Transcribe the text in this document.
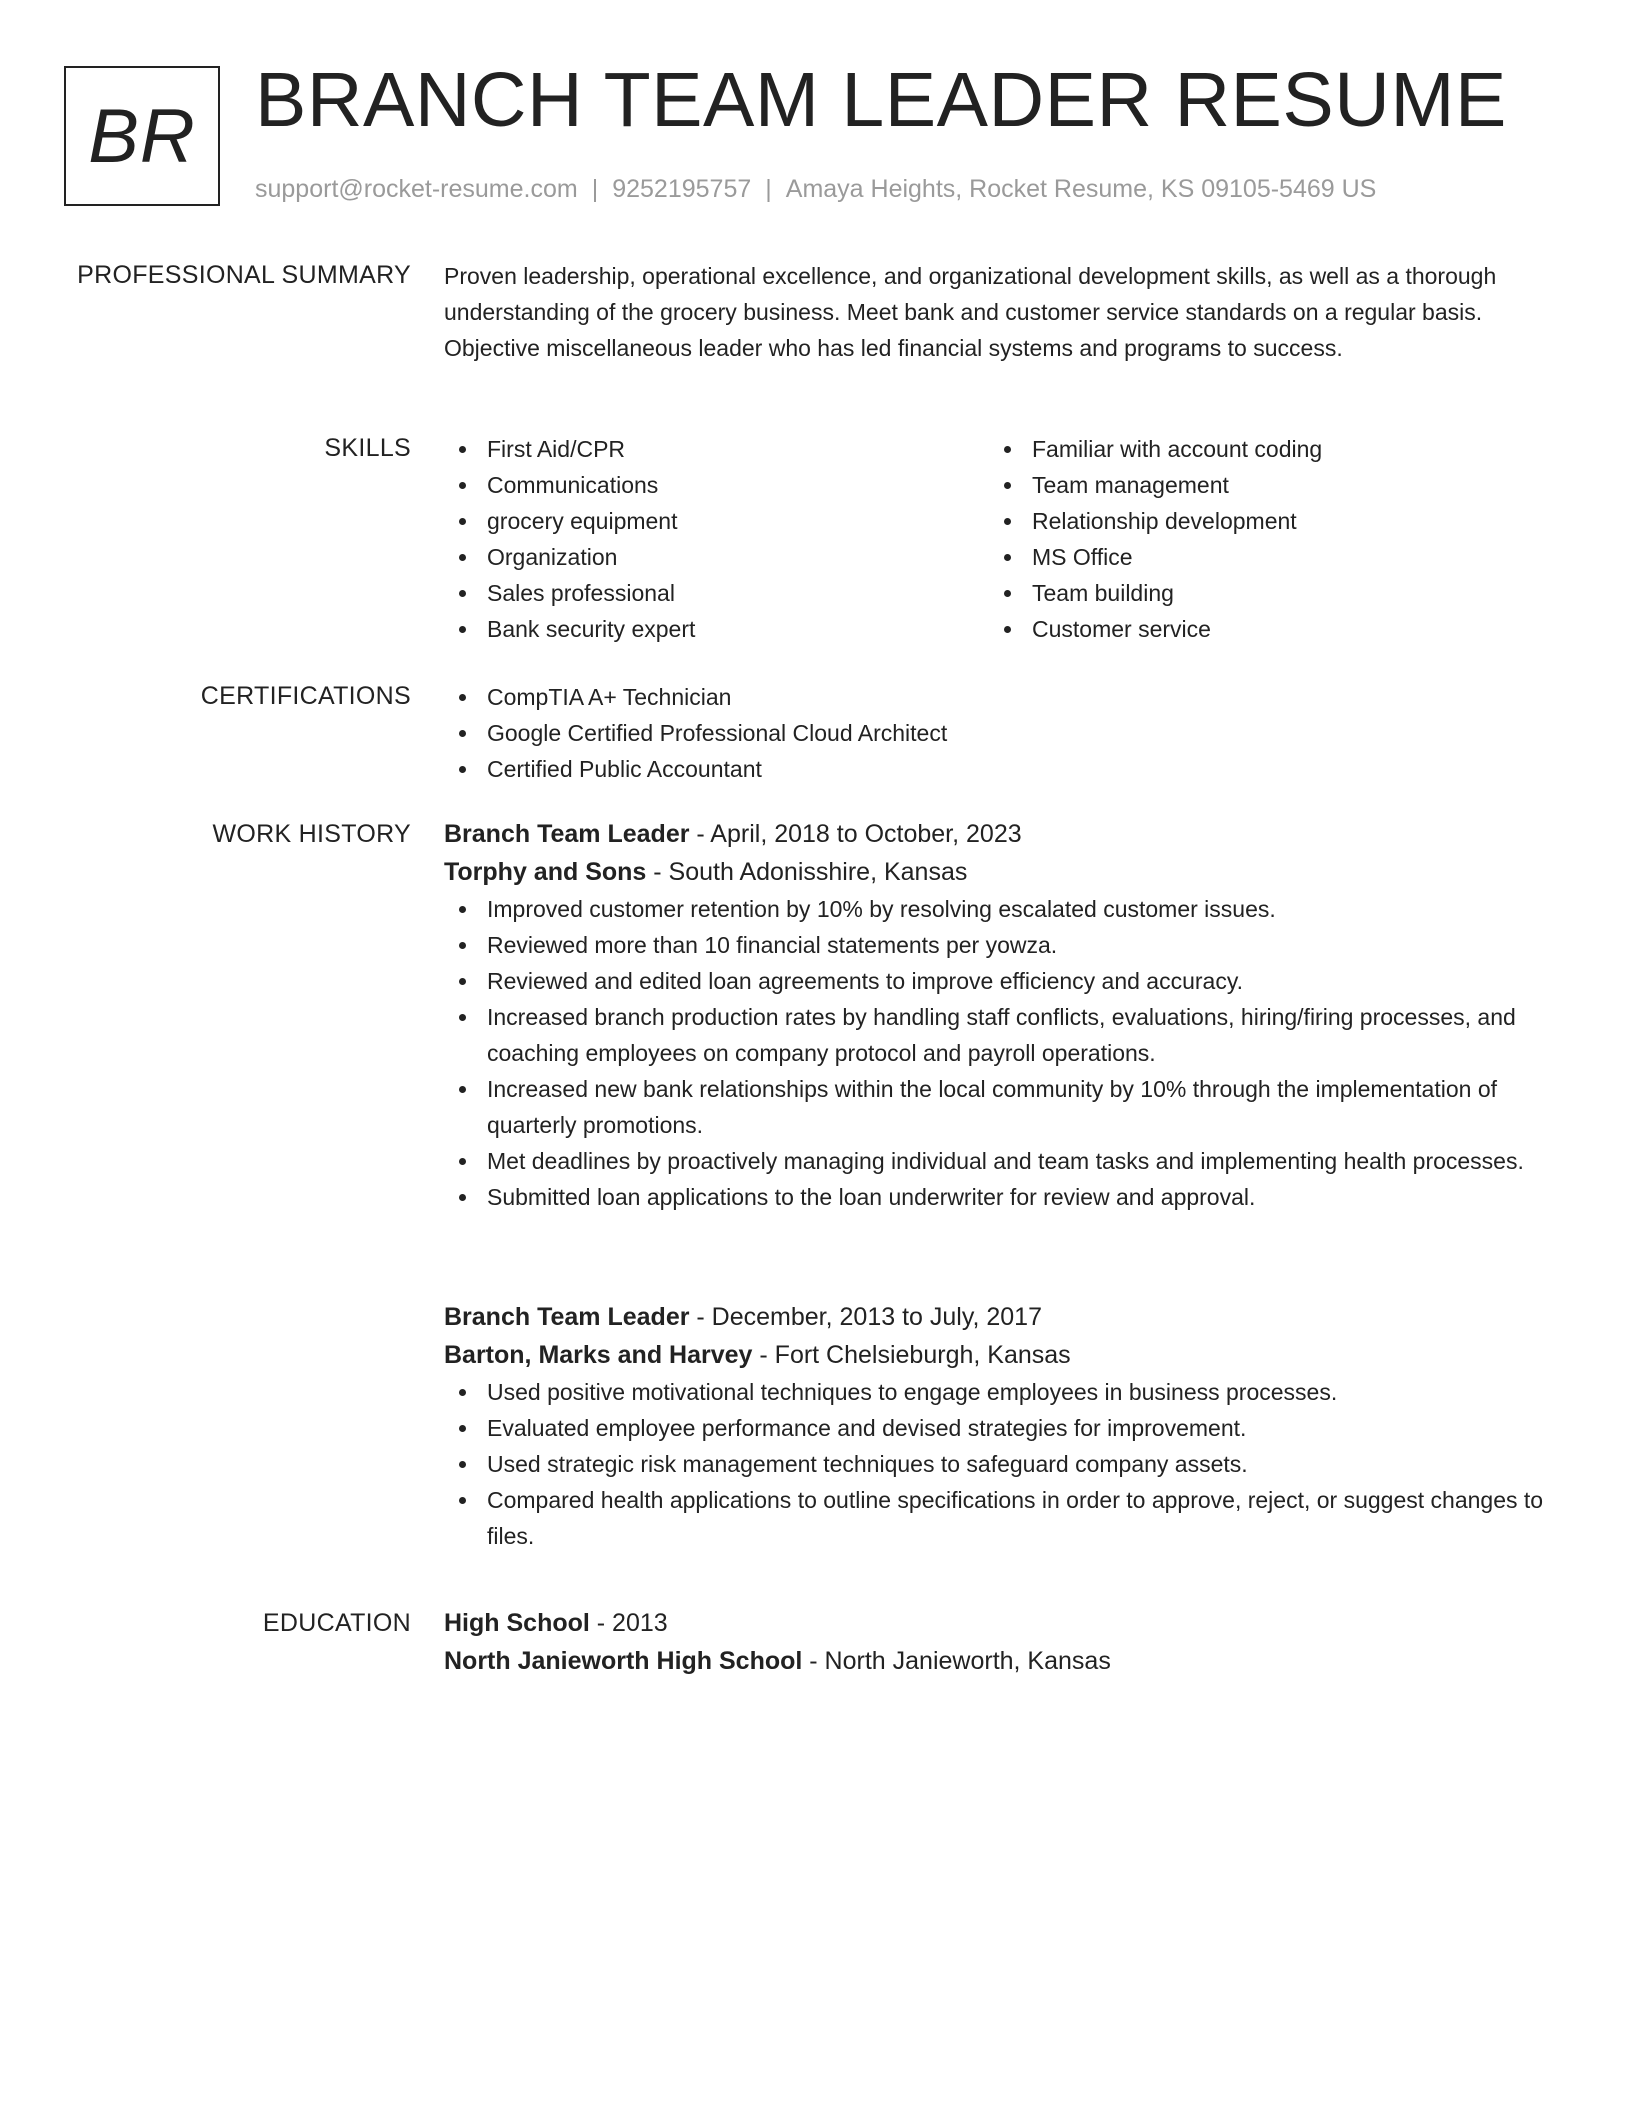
BR BRANCH TEAM LEADER RESUME
support@rocket-resume.com | 9252195757 | Amaya Heights, Rocket Resume, KS 09105-5469 US
PROFESSIONAL SUMMARY Proven leadership, operational excellence, and organizational development skills, as well as a thorough understanding of the grocery business. Meet bank and customer service standards on a regular basis. Objective miscellaneous leader who has led financial systems and programs to success.

SKILLS	First Aid/CPR
Communications
grocery equipment
Organization
Sales professional
Bank security expert
Familiar with account coding
Team management
Relationship development
MS Office
Team building
Customer service
CERTIFICATIONS	CompTIA A+ Technician
Google Certified Professional Cloud Architect
Certified Public Accountant
WORK HISTORY Branch Team Leader - April, 2018 to October, 2023
Torphy and Sons - South Adonisshire, Kansas
Improved customer retention by 10% by resolving escalated customer issues.
Reviewed more than 10 financial statements per yowza.
Reviewed and edited loan agreements to improve efficiency and accuracy.
Increased branch production rates by handling staff conflicts, evaluations, hiring/firing processes, and coaching employees on company protocol and payroll operations.
Increased new bank relationships within the local community by 10% through the implementation of quarterly promotions.
Met deadlines by proactively managing individual and team tasks and implementing health processes.
Submitted loan applications to the loan underwriter for review and approval.
Branch Team Leader - December, 2013 to July, 2017
Barton, Marks and Harvey - Fort Chelsieburgh, Kansas
Used positive motivational techniques to engage employees in business processes.
Evaluated employee performance and devised strategies for improvement.
Used strategic risk management techniques to safeguard company assets.
Compared health applications to outline specifications in order to approve, reject, or suggest changes to files.
EDUCATION High School - 2013
North Janieworth High School - North Janieworth, Kansas
